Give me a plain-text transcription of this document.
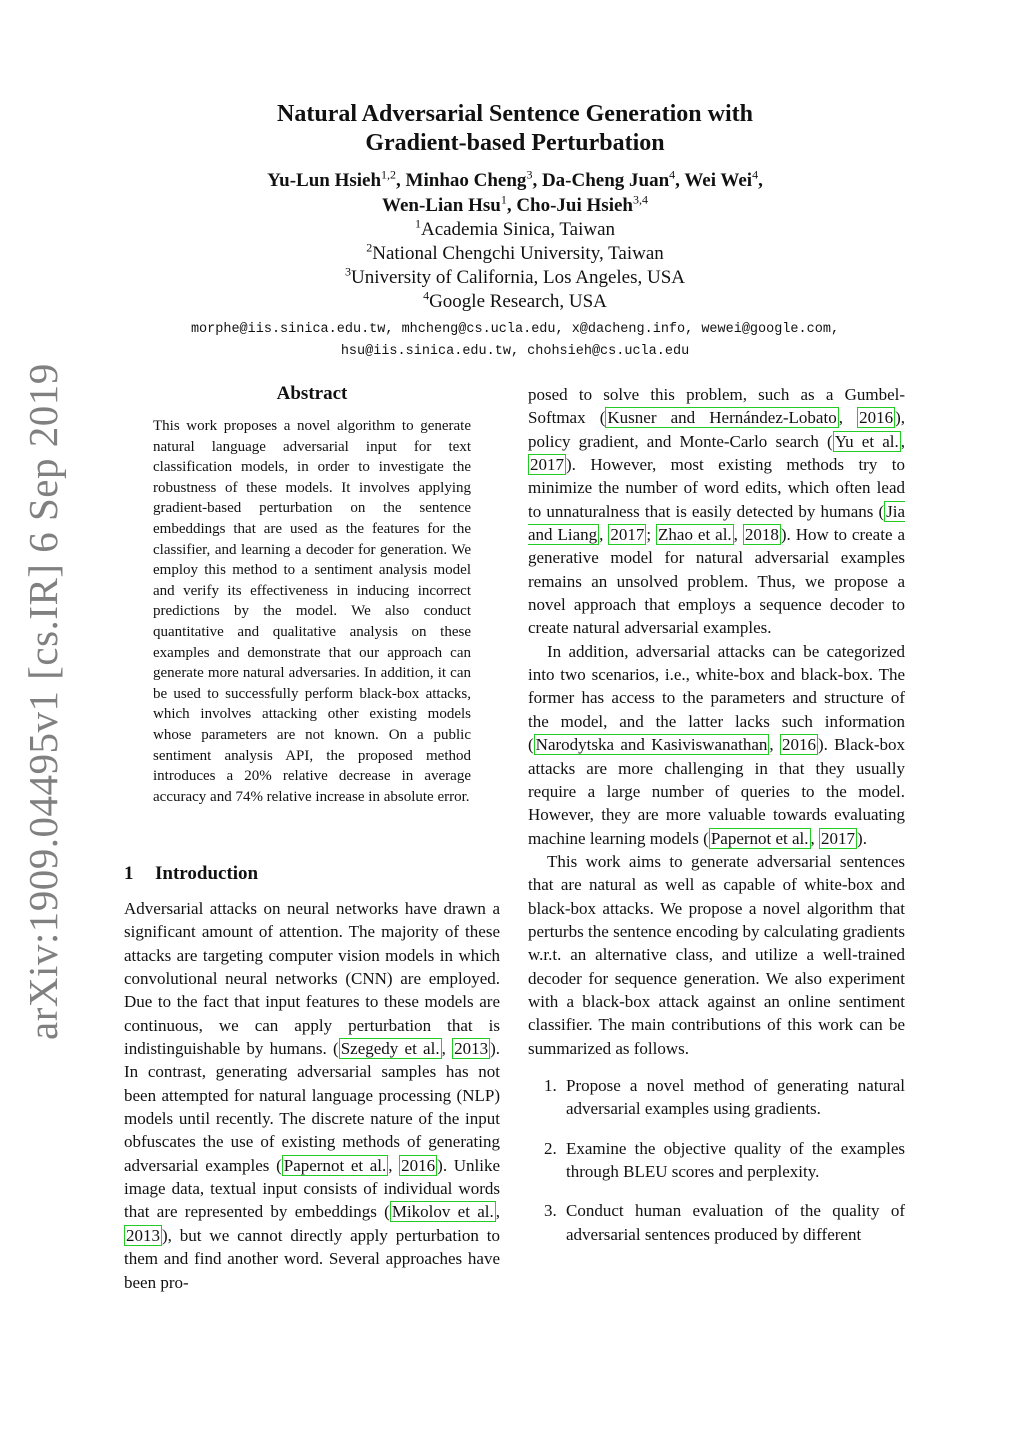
arXiv:1909.04495v1 [cs.IR] 6 Sep 2019
Natural Adversarial Sentence Generation with
Gradient-based Perturbation
Yu-Lun Hsieh$^{1,2}$, Minhao Cheng$^3$, Da-Cheng Juan$^4$, Wei Wei$^4$,
Wen-Lian Hsu$^1$, Cho-Jui Hsieh$^{3,4}$
$^1$Academia Sinica, Taiwan
$^2$National Chengchi University, Taiwan
$^3$University of California, Los Angeles, USA
$^4$Google Research, USA
morphe@iis.sinica.edu.tw, mhcheng@cs.ucla.edu, x@dacheng.info, wewei@google.com,
hsu@iis.sinica.edu.tw, chohsieh@cs.ucla.edu
Abstract
This work proposes a novel algorithm to generate natural language adversarial input for text classification models, in order to investigate the robustness of these models. It involves applying gradient-based perturbation on the sentence embeddings that are used as the features for the classifier, and learning a decoder for generation. We employ this method to a sentiment analysis model and verify its effectiveness in inducing incorrect predictions by the model. We also conduct quantitative and qualitative analysis on these examples and demonstrate that our approach can generate more natural adversaries. In addition, it can be used to successfully perform black-box attacks, which involves attacking other existing models whose parameters are not known. On a public sentiment analysis API, the proposed method introduces a 20% relative decrease in average accuracy and 74% relative increase in absolute error.
1 Introduction
Adversarial attacks on neural networks have drawn a significant amount of attention. The majority of these attacks are targeting computer vision models in which convolutional neural networks (CNN) are employed. Due to the fact that input features to these models are continuous, we can apply perturbation that is indistinguishable by humans. ( Szegedy et al. , 2013 ). In contrast, generating adversarial samples has not been attempted for natural language processing (NLP) models until recently. The discrete nature of the input obfuscates the use of existing methods of generating adversarial examples ( Papernot et al. , 2016 ). Unlike image data, textual input consists of individual words that are represented by embeddings ( Mikolov et al. , 2013 ), but we cannot directly apply perturbation to them and find another word. Several approaches have been pro-

posed to solve this problem, such as a Gumbel-Softmax ( Kusner and Hernández-Lobato , 2016 ), policy gradient, and Monte-Carlo search ( Yu et al. , 2017 ). However, most existing methods try to minimize the number of word edits, which often lead to unnaturalness that is easily detected by humans ( Jia and Liang , 2017 ; Zhao et al. , 2018 ). How to create a generative model for natural adversarial examples remains an unsolved problem. Thus, we propose a novel approach that employs a sequence decoder to create natural adversarial examples.

In addition, adversarial attacks can be categorized into two scenarios, i.e., white-box and black-box. The former has access to the parameters and structure of the model, and the latter lacks such information ( Narodytska and Kasiviswanathan , 2016 ). Black-box attacks are more challenging in that they usually require a large number of queries to the model. However, they are more valuable towards evaluating machine learning models ( Papernot et al. , 2017 ).

This work aims to generate adversarial sentences that are natural as well as capable of white-box and black-box attacks. We propose a novel algorithm that perturbs the sentence encoding by calculating gradients w.r.t. an alternative class, and utilize a well-trained decoder for sequence generation. We also experiment with a black-box attack against an online sentiment classifier. The main contributions of this work can be summarized as follows.

1. Propose a novel method of generating natural adversarial examples using gradients.
2. Examine the objective quality of the examples through BLEU scores and perplexity.
3. Conduct human evaluation of the quality of adversarial sentences produced by different
